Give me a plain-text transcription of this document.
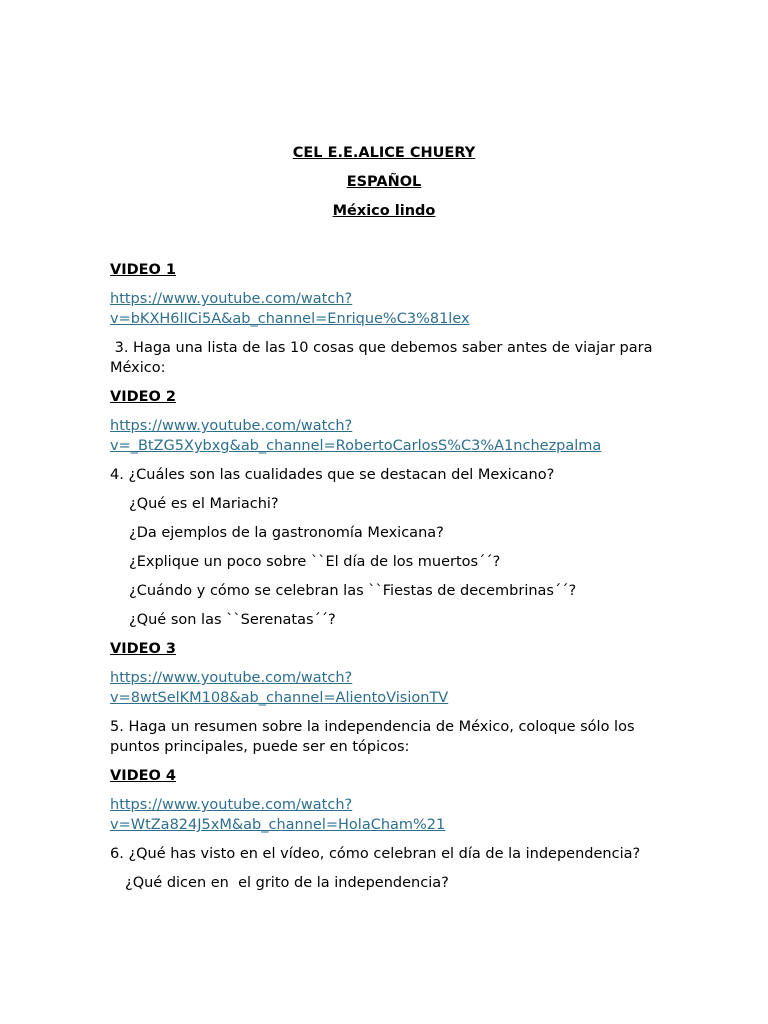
CEL E.E.ALICE CHUERY
ESPAÑOL
México lindo
VIDEO 1
https://www.youtube.com/watch?
v=bKXH6lICi5A&ab_channel=Enrique%C3%81lex
3. Haga una lista de las 10 cosas que debemos saber antes de viajar para México:
VIDEO 2
https://www.youtube.com/watch?
v=_BtZG5Xybxg&ab_channel=RobertoCarlosS%C3%A1nchezpalma
4. ¿Cuáles son las cualidades que se destacan del Mexicano?
¿Qué es el Mariachi?
¿Da ejemplos de la gastronomía Mexicana?
¿Explique un poco sobre ``El día de los muertos´´?
¿Cuándo y cómo se celebran las ``Fiestas de decembrinas´´?
¿Qué son las ``Serenatas´´?
VIDEO 3
https://www.youtube.com/watch?
v=8wtSelKM108&ab_channel=AlientoVisionTV
5. Haga un resumen sobre la independencia de México, coloque sólo los puntos principales, puede ser en tópicos:
VIDEO 4
https://www.youtube.com/watch?
v=WtZa824J5xM&ab_channel=HolaCham%21
6. ¿Qué has visto en el vídeo, cómo celebran el día de la independencia?
¿Qué dicen en  el grito de la independencia?
